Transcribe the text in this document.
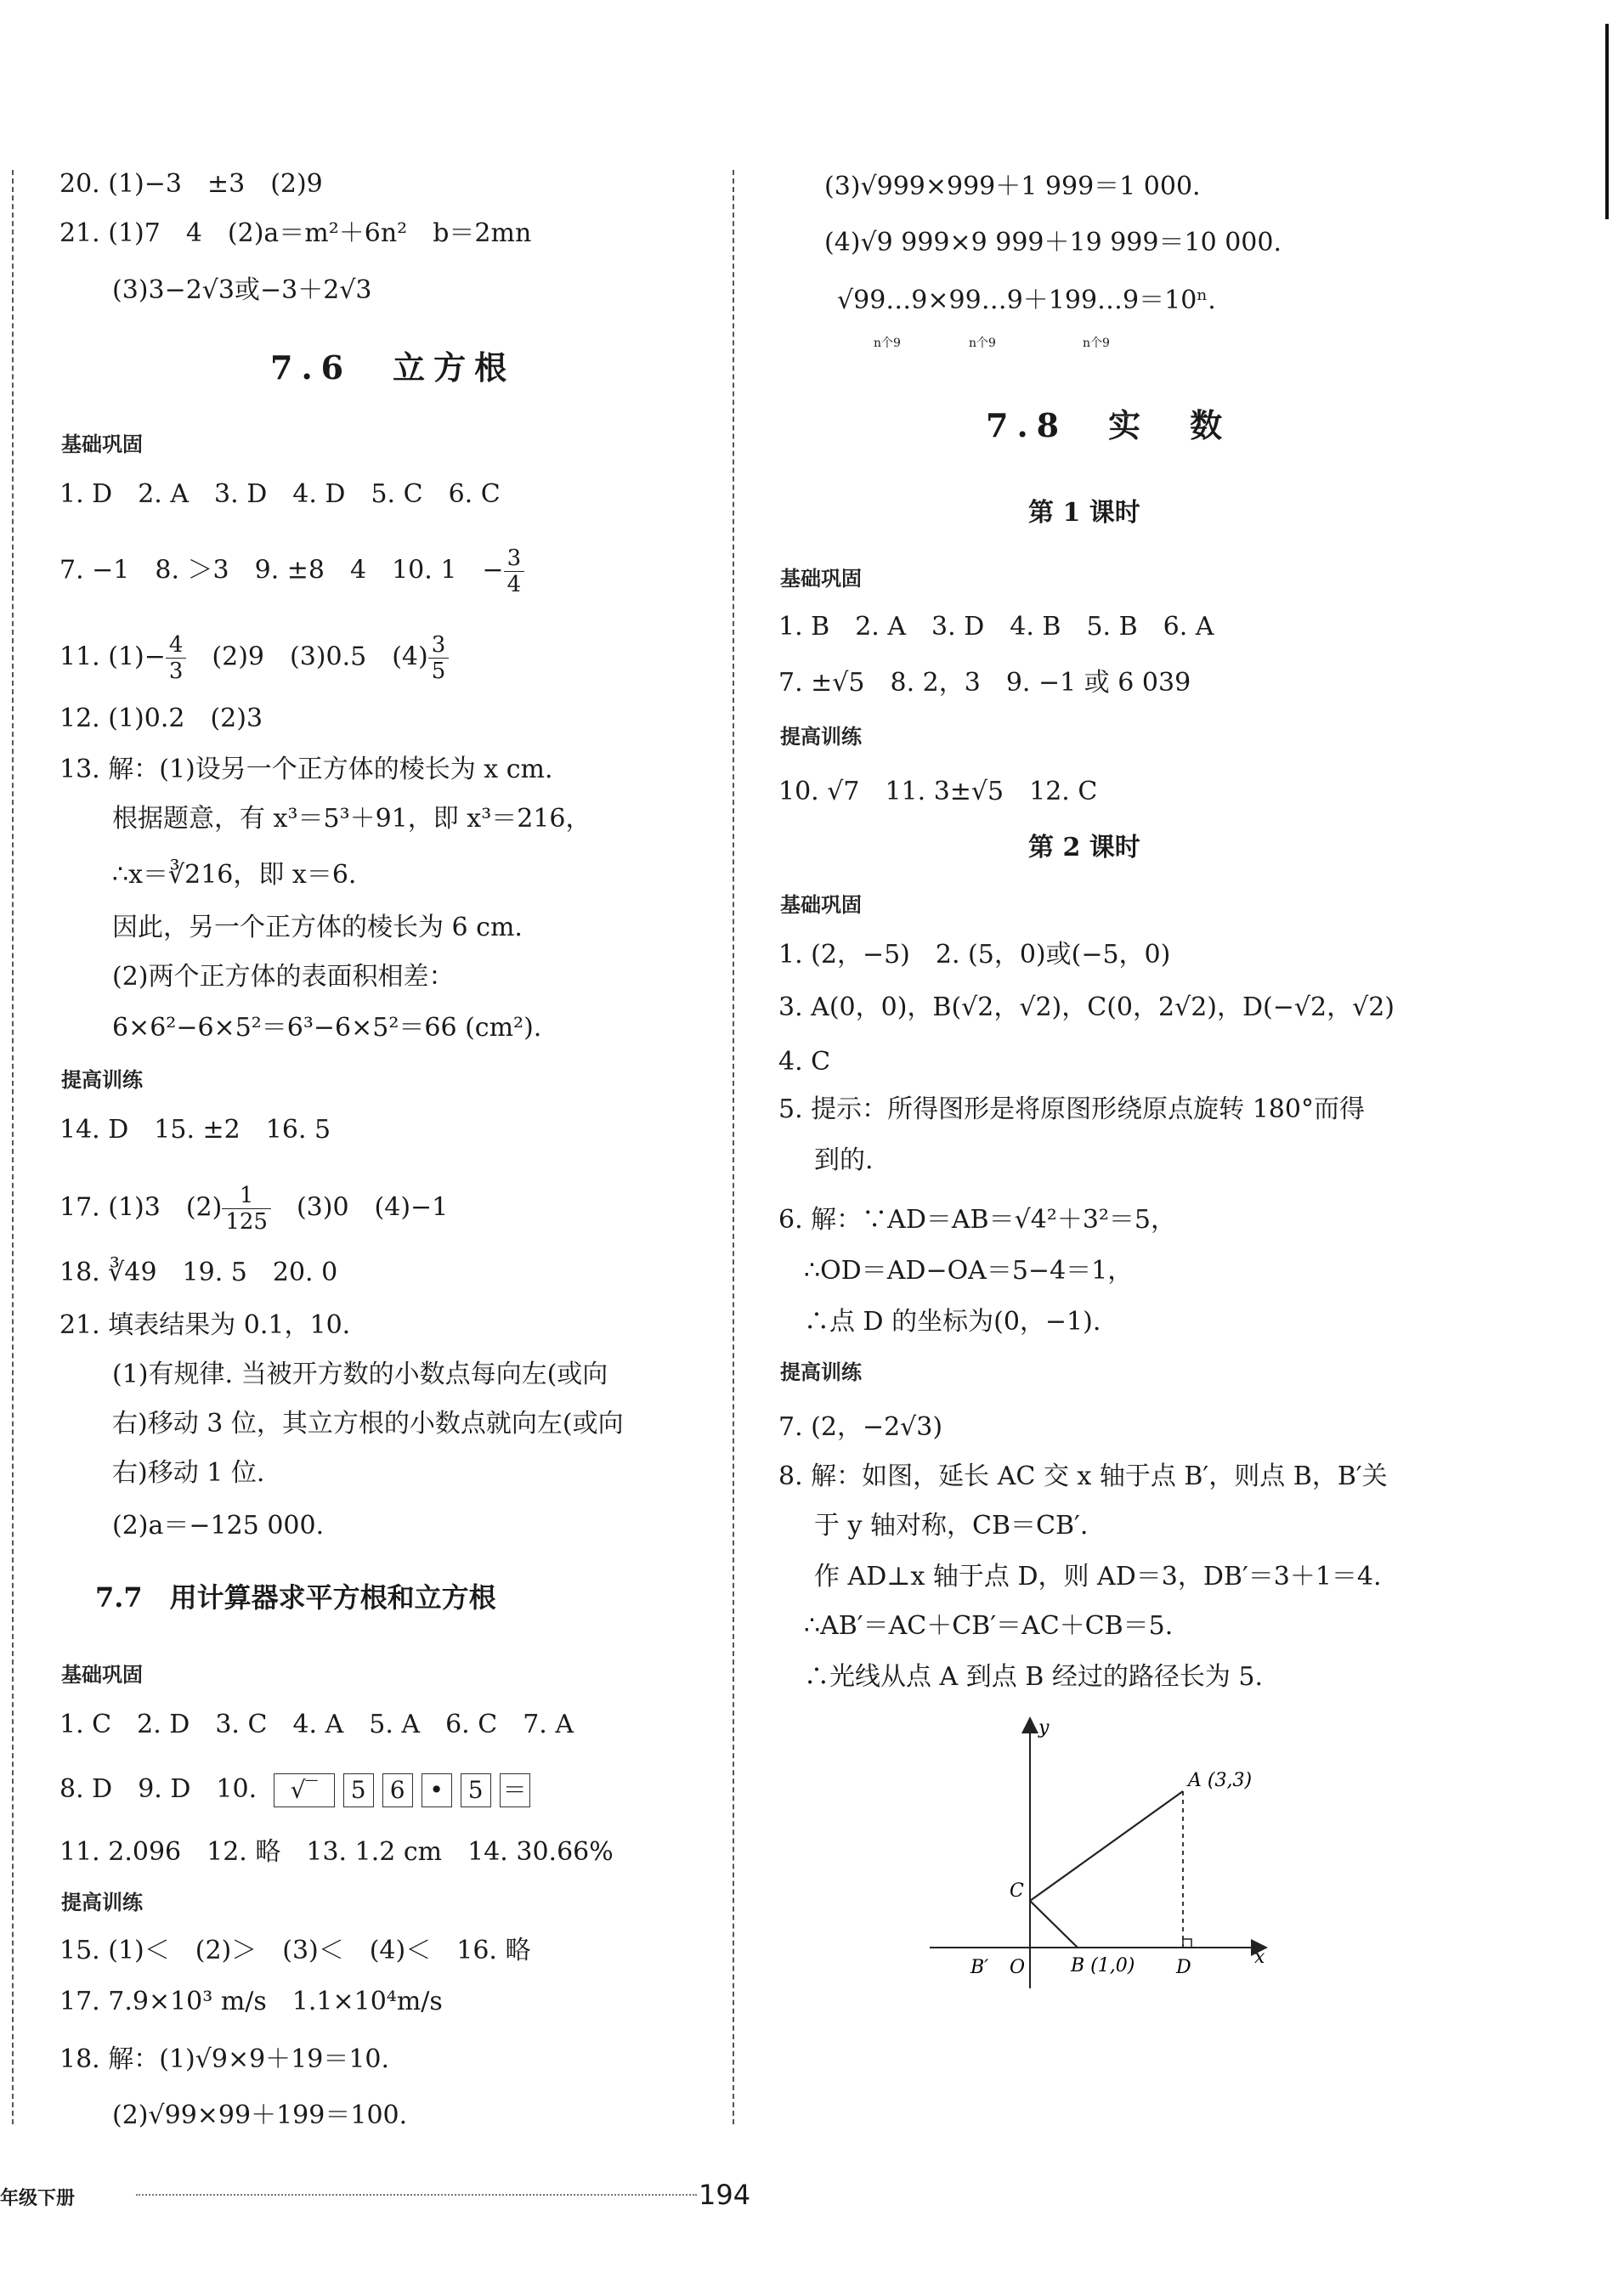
20. (1)−3　±3　(2)9
21. (1)7　4　(2)a＝m²＋6n²　b＝2mn
(3)3−2√3或−3＋2√3
7.6　立方根
基础巩固
1. D　2. A　3. D　4. D　5. C　6. C
7. −1　8. ＞3　9. ±8　4　10. 1　− $\frac{3}{4}$
11. $(1)- \frac{4}{3}$ 　(2)9　(3)0.5　$(4) \frac{3}{5}$
12. (1)0.2　(2)3
13. 解：(1)设另一个正方体的棱长为 x cm.
根据题意，有 x³＝5³＋91，即 x³＝216，
∴x＝∛216，即 x＝6.
因此，另一个正方体的棱长为 6 cm.
(2)两个正方体的表面积相差：
6×6²−6×5²＝6³−6×5²＝66 (cm²).
提高训练
14. D　15. ±2　16. 5
17. (1)3　$(2) \frac{1}{125}$ 　(3)0　(4)−1
18. ∛49　19. 5　20. 0
21. 填表结果为 0.1，10.
(1)有规律. 当被开方数的小数点每向左(或向
右)移动 3 位，其立方根的小数点就向左(或向
右)移动 1 位.
(2)a＝−125 000.
7.7　用计算器求平方根和立方根
基础巩固
1. C　2. D　3. C　4. A　5. A　6. C　7. A
8. D　9. D　10. √‾ 5 6 • 5 ＝
11. 2.096　12. 略　13. 1.2 cm　14. 30.66%
提高训练
15. (1)＜　(2)＞　(3)＜　(4)＜　16. 略
17. 7.9×10³ m/s　1.1×10⁴m/s
18. 解：(1)√9×9＋19＝10.
(2)√99×99＋199＝100.
(3)√999×999＋1 999＝1 000.
(4)√9 999×9 999＋19 999＝10 000.
√99…9×99…9＋199…9＝10ⁿ.
n个9	n个9	n个9
7.8　实　数
第 1 课时
基础巩固
1. B　2. A　3. D　4. B　5. B　6. A
7. ±√5　8. 2，3　9. −1 或 6 039
提高训练
10. √7　11. 3±√5　12. C
第 2 课时
基础巩固
1. (2，−5)　2. (5，0)或(−5，0)
3. A(0，0)，B(√2，√2)，C(0，2√2)，D(−√2，√2)
4. C
5. 提示：所得图形是将原图形绕原点旋转 180°而得
到的.
6. 解：∵AD＝AB＝√4²＋3²＝5，
∴OD＝AD−OA＝5−4＝1，
∴点 D 的坐标为(0，−1).
提高训练
7. (2，−2√3)
8. 解：如图，延长 AC 交 x 轴于点 B′，则点 B，B′关
于 y 轴对称，CB＝CB′.
作 AD⊥x 轴于点 D，则 AD＝3，DB′＝3＋1＝4.
∴AB′＝AC＋CB′＝AC＋CB＝5.
∴光线从点 A 到点 B 经过的路径长为 5.
y
x
A (3,3)
C
B′ O B (1,0) D
年级下册	194
